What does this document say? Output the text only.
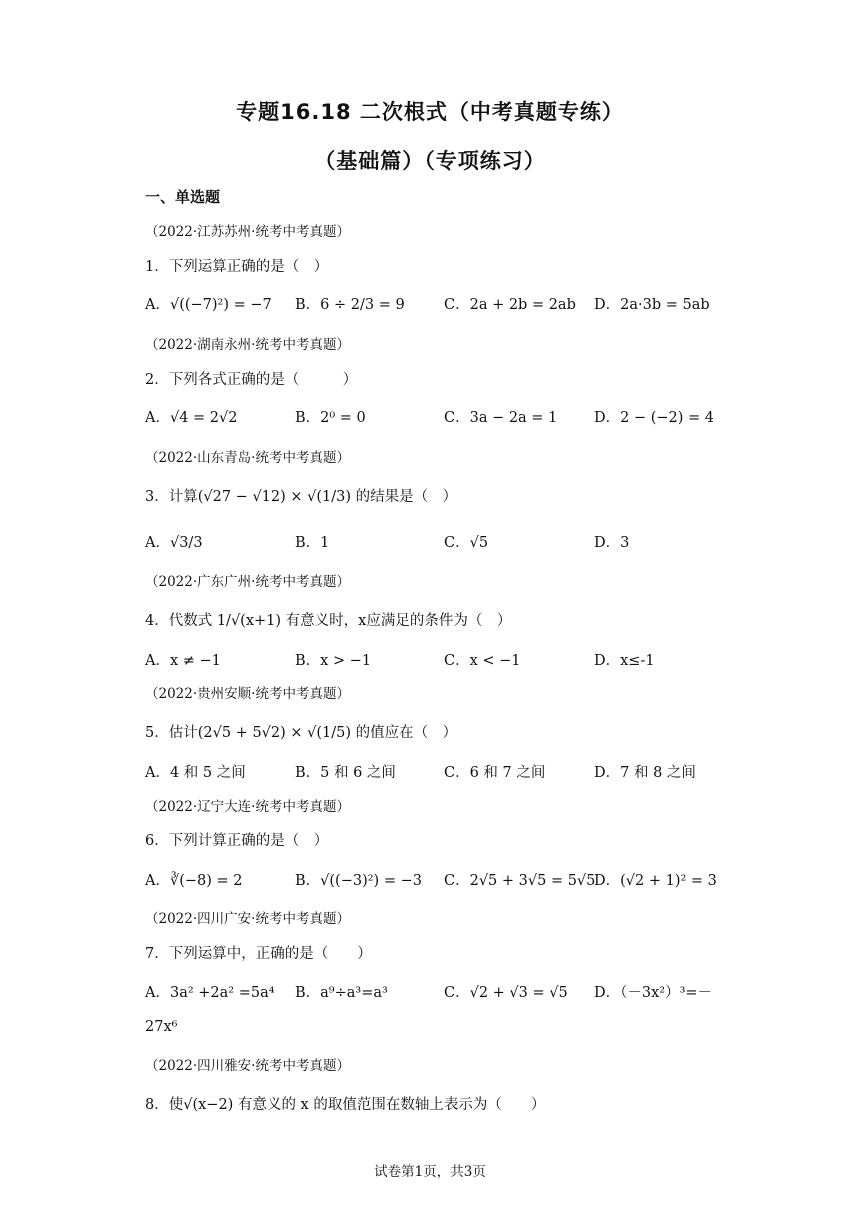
专题16.18 二次根式（中考真题专练）
（基础篇）（专项练习）
一、单选题
（2022·江苏苏州·统考中考真题）
1．下列运算正确的是（　）
A．√((−7)²) = −7 B．6 ÷ 2/3 = 9	C．2a + 2b = 2ab D．2a·3b = 5ab
（2022·湖南永州·统考中考真题）
2．下列各式正确的是（　　　）
A．√4 = 2√2	B．2⁰ = 0	C．3a − 2a = 1	D．2 − (−2) = 4
（2022·山东青岛·统考中考真题）
3．计算(√27 − √12) × √(1/3) 的结果是（　）
A．√3/3	B．1	C．√5	D．3
（2022·广东广州·统考中考真题）
4．代数式 1/√(x+1) 有意义时，x应满足的条件为（　）
A．x ≠ −1	B．x > −1	C．x < −1	D．x≤-1
（2022·贵州安顺·统考中考真题）
5．估计(2√5 + 5√2) × √(1/5) 的值应在（　）
A．4 和 5 之间	B．5 和 6 之间	C．6 和 7 之间	D．7 和 8 之间
（2022·辽宁大连·统考中考真题）
6．下列计算正确的是（　）
A．∛(−8) = 2	B．√((−3)²) = −3 C．2√5 + 3√5 = 5√5
D．(√2 + 1)² = 3
（2022·四川广安·统考中考真题）
7．下列运算中，正确的是（　　）
A．3a² +2a² =5a⁴ B．a⁹÷a³=a³	C．√2 + √3 = √5 D．（－3x²）³=－
27x⁶
（2022·四川雅安·统考中考真题）
8．使√(x−2) 有意义的 x 的取值范围在数轴上表示为（　　）
试卷第1页，共3页
